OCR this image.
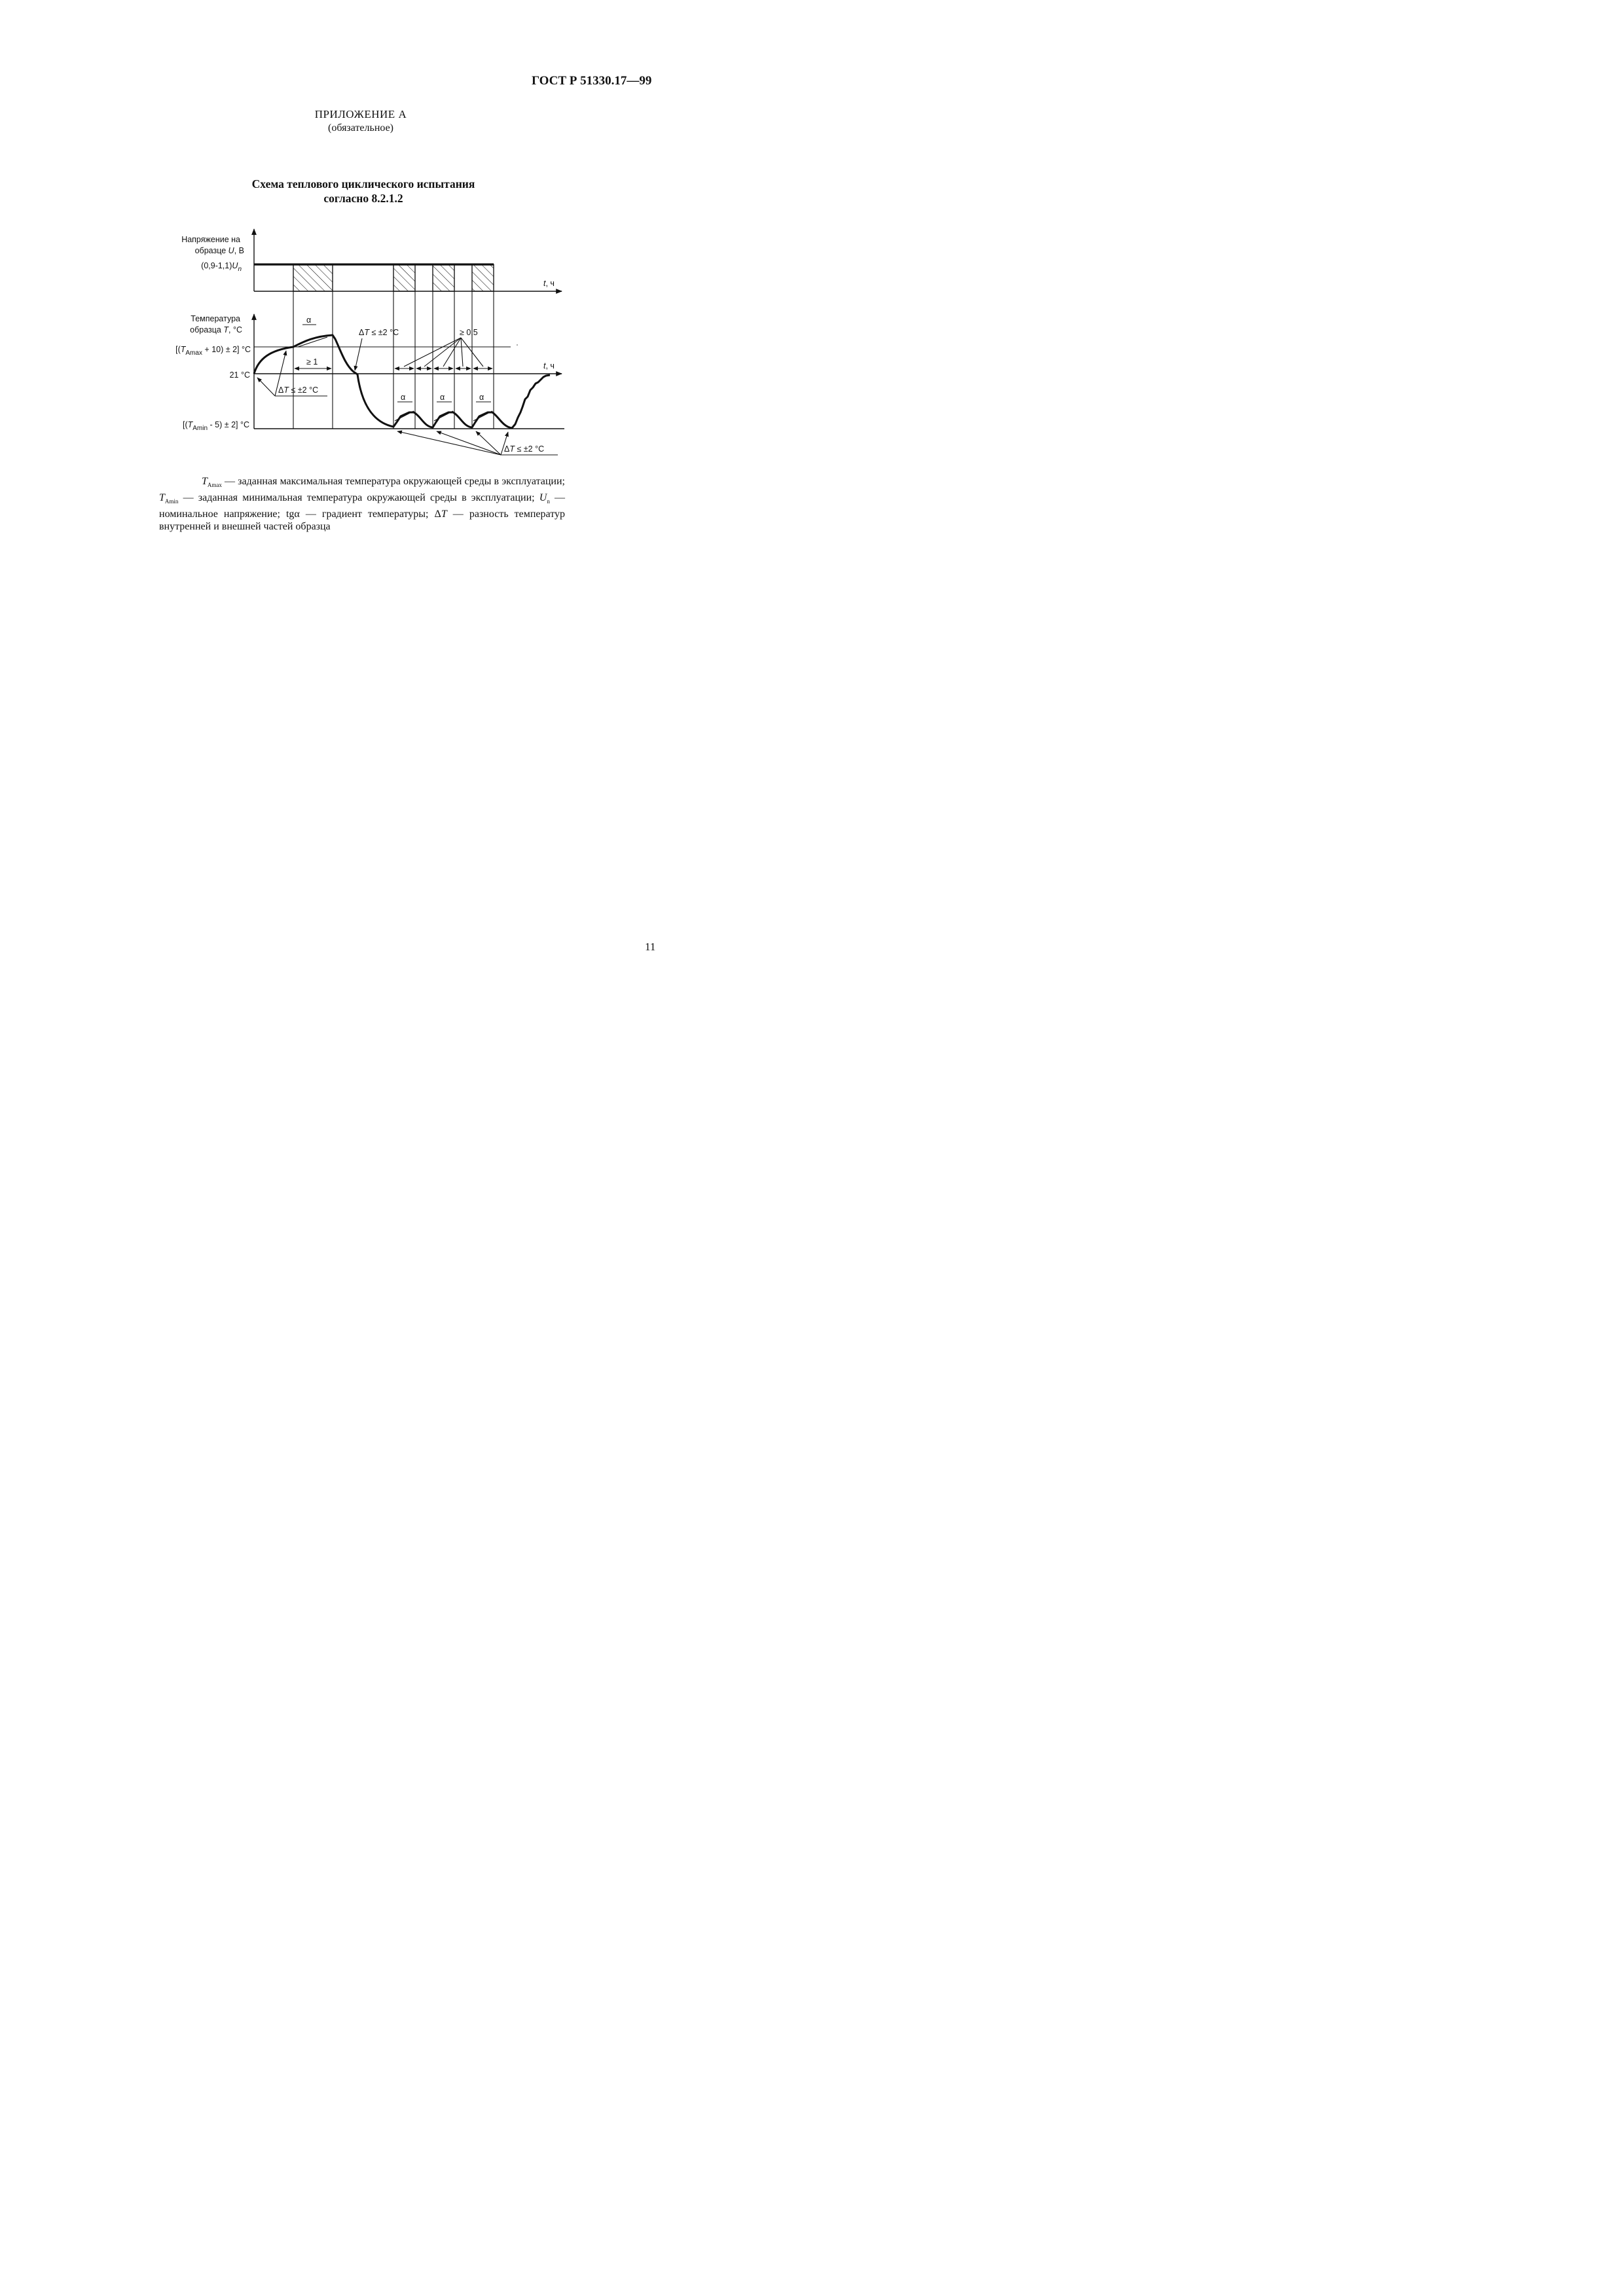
ГОСТ Р 51330.17—99
ПРИЛОЖЕНИЕ А
(обязательное)
Схема теплового циклического испытания
согласно 8.2.1.2
Напряжение на
образце U, В
$(0,9-1,1)U_n$
t, ч
Температура
образца T, °C
$[(T_{Amax} + 10) \pm 2]$ °C
21 °C
$[(T_{Amin} - 5) \pm 2]$ °C
t, ч
α
α	α	α
≥ 1
≥ 0,5
ΔT ≤ ±2 °C
ΔT ≤ ±2 °C
ΔT ≤ ±2 °C

$T_{Amax}$ — заданная максимальная температура окружающей среды в эксплуатации; $T_{Amin}$ — заданная минимальная температура окружающей среды в эксплуатации; $U_n$ — номинальное напряжение; tgα — градиент температуры; ΔT — разность температур внутренней и внешней частей образца

11
